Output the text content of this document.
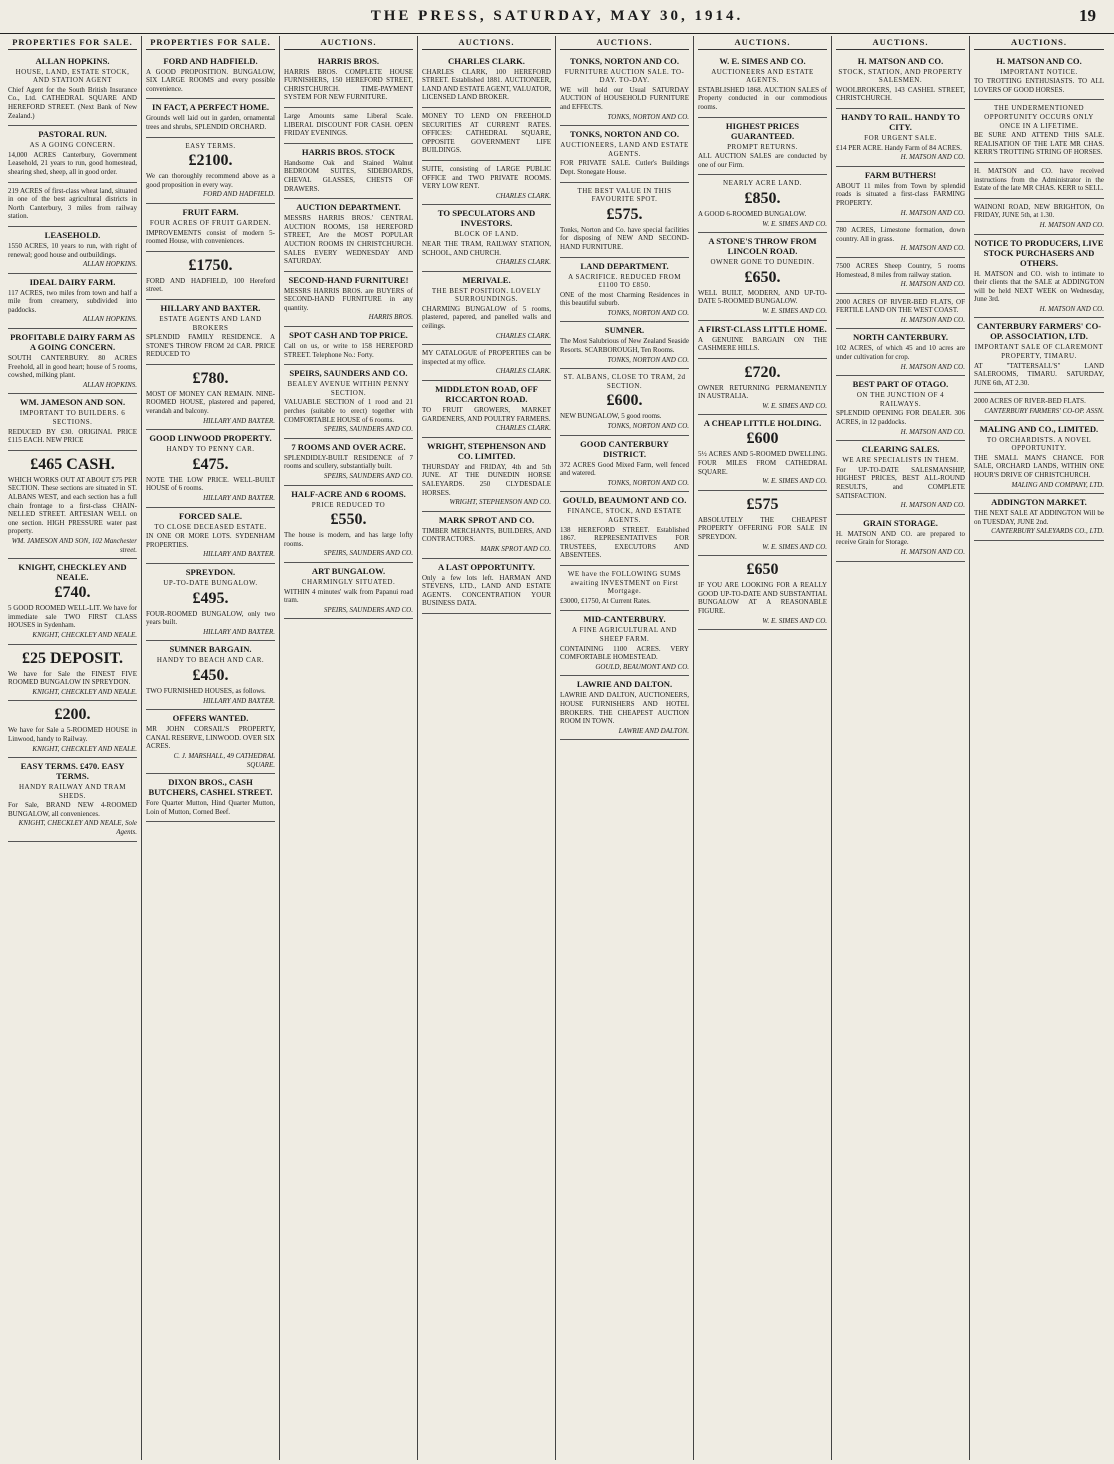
THE PRESS, SATURDAY, MAY 30, 1914.	19
PROPERTIES FOR SALE.
ALLAN HOPKINS.
HOUSE, LAND, ESTATE STOCK, AND STATION AGENT

Chief Agent for the South British Insurance Co., Ltd. CATHEDRAL SQUARE AND HEREFORD STREET. (Next Bank of New Zealand.)

PASTORAL RUN.
AS A GOING CONCERN.

14,000 ACRES Canterbury, Government Leasehold, 21 years to run, good homestead, shearing shed, sheep, all in good order.

219 ACRES of first-class wheat land, situated in one of the best agricultural districts in North Canterbury, 3 miles from railway station.

LEASEHOLD.

1550 ACRES, 10 years to run, with right of renewal; good house and outbuildings.

ALLAN HOPKINS.
IDEAL DAIRY FARM.

117 ACRES, two miles from town and half a mile from creamery, subdivided into paddocks.

ALLAN HOPKINS.
PROFITABLE DAIRY FARM AS A GOING CONCERN.

SOUTH CANTERBURY. 80 ACRES Freehold, all in good heart; house of 5 rooms, cowshed, milking plant.

ALLAN HOPKINS.
WM. JAMESON AND SON.
IMPORTANT TO BUILDERS. 6 SECTIONS.

REDUCED BY £30. ORIGINAL PRICE £115 EACH. NEW PRICE

£465 CASH.

WHICH WORKS OUT AT ABOUT £75 PER SECTION. These sections are situated in ST. ALBANS WEST, and each section has a full chain frontage to a first-class CHAIN-NELLED STREET. ARTESIAN WELL on one section. HIGH PRESSURE water past property.

WM. JAMESON AND SON, 102 Manchester street.
KNIGHT, CHECKLEY AND NEALE.
£740.

5 GOOD ROOMED WELL-LIT. We have for immediate sale TWO FIRST CLASS HOUSES in Sydenham.

KNIGHT, CHECKLEY AND NEALE.
£25 DEPOSIT.

We have for Sale the FINEST FIVE ROOMED BUNGALOW IN SPREYDON.

KNIGHT, CHECKLEY AND NEALE.
£200.

We have for Sale a 5-ROOMED HOUSE in Linwood, handy to Railway.

KNIGHT, CHECKLEY AND NEALE.
EASY TERMS. £470. EASY TERMS.
HANDY RAILWAY AND TRAM SHEDS.

For Sale, BRAND NEW 4-ROOMED BUNGALOW, all conveniences.

KNIGHT, CHECKLEY AND NEALE, Sole Agents.
PROPERTIES FOR SALE.
FORD AND HADFIELD.

A GOOD PROPOSITION. BUNGALOW, SIX LARGE ROOMS and every possible convenience.

IN FACT, A PERFECT HOME.

Grounds well laid out in garden, ornamental trees and shrubs, SPLENDID ORCHARD.

EASY TERMS.
£2100.

We can thoroughly recommend above as a good proposition in every way.

FORD AND HADFIELD.
FRUIT FARM.
FOUR ACRES OF FRUIT GARDEN.

IMPROVEMENTS consist of modern 5-roomed House, with conveniences.

£1750.

FORD AND HADFIELD, 100 Hereford street.

HILLARY AND BAXTER.
ESTATE AGENTS AND LAND BROKERS

SPLENDID FAMILY RESIDENCE. A STONE'S THROW FROM 2d CAR. PRICE REDUCED TO

£780.

MOST OF MONEY CAN REMAIN. NINE-ROOMED HOUSE, plastered and papered, verandah and balcony.

HILLARY AND BAXTER.
GOOD LINWOOD PROPERTY.
HANDY TO PENNY CAR.
£475.

NOTE THE LOW PRICE. WELL-BUILT HOUSE of 6 rooms.

HILLARY AND BAXTER.
FORCED SALE.
TO CLOSE DECEASED ESTATE.

IN ONE OR MORE LOTS. SYDENHAM PROPERTIES.

HILLARY AND BAXTER.
SPREYDON.
UP-TO-DATE BUNGALOW.
£495.

FOUR-ROOMED BUNGALOW, only two years built.

HILLARY AND BAXTER.
SUMNER BARGAIN.
HANDY TO BEACH AND CAR.
£450.

TWO FURNISHED HOUSES, as follows.

HILLARY AND BAXTER.
OFFERS WANTED.

MR JOHN CORSAIL'S PROPERTY, CANAL RESERVE, LINWOOD. OVER SIX ACRES.

C. J. MARSHALL, 49 CATHEDRAL SQUARE.
DIXON BROS., CASH BUTCHERS, CASHEL STREET.

Fore Quarter Mutton, Hind Quarter Mutton, Loin of Mutton, Corned Beef.

AUCTIONS.
HARRIS BROS.

HARRIS BROS. COMPLETE HOUSE FURNISHERS, 150 HEREFORD STREET, CHRISTCHURCH. TIME-PAYMENT SYSTEM FOR NEW FURNITURE.

Large Amounts same Liberal Scale. LIBERAL DISCOUNT FOR CASH. OPEN FRIDAY EVENINGS.

HARRIS BROS. STOCK

Handsome Oak and Stained Walnut BEDROOM SUITES, SIDEBOARDS, CHEVAL GLASSES, CHESTS OF DRAWERS.

AUCTION DEPARTMENT.

MESSRS HARRIS BROS.' CENTRAL AUCTION ROOMS, 158 HEREFORD STREET, Are the MOST POPULAR AUCTION ROOMS IN CHRISTCHURCH. SALES EVERY WEDNESDAY AND SATURDAY.

SECOND-HAND FURNITURE!

MESSRS HARRIS BROS. are BUYERS of SECOND-HAND FURNITURE in any quantity.

HARRIS BROS.
SPOT CASH AND TOP PRICE.

Call on us, or write to 158 HEREFORD STREET. Telephone No.: Forty.

SPEIRS, SAUNDERS AND CO.
BEALEY AVENUE WITHIN PENNY SECTION.

VALUABLE SECTION of 1 rood and 21 perches (suitable to erect) together with COMFORTABLE HOUSE of 6 rooms.

SPEIRS, SAUNDERS AND CO.
7 ROOMS AND OVER ACRE.

SPLENDIDLY-BUILT RESIDENCE of 7 rooms and scullery, substantially built.

SPEIRS, SAUNDERS AND CO.
HALF-ACRE AND 6 ROOMS.
PRICE REDUCED TO
£550.

The house is modern, and has large lofty rooms.

SPEIRS, SAUNDERS AND CO.
ART BUNGALOW.
CHARMINGLY SITUATED.

WITHIN 4 minutes' walk from Papanui road tram.

SPEIRS, SAUNDERS AND CO.
AUCTIONS.
CHARLES CLARK.

CHARLES CLARK, 100 HEREFORD STREET. Established 1881. AUCTIONEER, LAND AND ESTATE AGENT, VALUATOR, LICENSED LAND BROKER.

MONEY TO LEND ON FREEHOLD SECURITIES AT CURRENT RATES. OFFICES: CATHEDRAL SQUARE, OPPOSITE GOVERNMENT LIFE BUILDINGS.

SUITE, consisting of LARGE PUBLIC OFFICE and TWO PRIVATE ROOMS. VERY LOW RENT.

CHARLES CLARK.
TO SPECULATORS AND INVESTORS.
BLOCK OF LAND.

NEAR THE TRAM, RAILWAY STATION, SCHOOL, AND CHURCH.

CHARLES CLARK.
MERIVALE.
THE BEST POSITION. LOVELY SURROUNDINGS.

CHARMING BUNGALOW of 5 rooms, plastered, papered, and panelled walls and ceilings.

CHARLES CLARK.

MY CATALOGUE of PROPERTIES can be inspected at my office.

CHARLES CLARK.
MIDDLETON ROAD, OFF RICCARTON ROAD.

TO FRUIT GROWERS, MARKET GARDENERS, AND POULTRY FARMERS.

CHARLES CLARK.
WRIGHT, STEPHENSON AND CO. LIMITED.

THURSDAY and FRIDAY, 4th and 5th JUNE. AT THE DUNEDIN HORSE SALEYARDS. 250 CLYDESDALE HORSES.

WRIGHT, STEPHENSON AND CO.
MARK SPROT AND CO.

TIMBER MERCHANTS, BUILDERS, AND CONTRACTORS.

MARK SPROT AND CO.
A LAST OPPORTUNITY.

Only a few lots left. HARMAN AND STEVENS, LTD., LAND AND ESTATE AGENTS. CONCENTRATION YOUR BUSINESS DATA.

AUCTIONS.
TONKS, NORTON AND CO.
FURNITURE AUCTION SALE. TO-DAY. TO-DAY.

WE will hold our Usual SATURDAY AUCTION of HOUSEHOLD FURNITURE and EFFECTS.

TONKS, NORTON AND CO.
TONKS, NORTON AND CO.
AUCTIONEERS, LAND AND ESTATE AGENTS.

FOR PRIVATE SALE. Cutler's Buildings Dept. Stonegate House.

THE BEST VALUE IN THIS FAVOURITE SPOT.
£575.

Tonks, Norton and Co. have special facilities for disposing of NEW AND SECOND-HAND FURNITURE.

LAND DEPARTMENT.
A SACRIFICE. REDUCED FROM £1100 TO £850.

ONE of the most Charming Residences in this beautiful suburb.

TONKS, NORTON AND CO.
SUMNER.

The Most Salubrious of New Zealand Seaside Resorts. SCARBOROUGH, Ten Rooms.

TONKS, NORTON AND CO.
ST. ALBANS, CLOSE TO TRAM, 2d SECTION.
£600.

NEW BUNGALOW, 5 good rooms.

TONKS, NORTON AND CO.
GOOD CANTERBURY DISTRICT.

372 ACRES Good Mixed Farm, well fenced and watered.

TONKS, NORTON AND CO.
GOULD, BEAUMONT AND CO.
FINANCE, STOCK, AND ESTATE AGENTS.

138 HEREFORD STREET. Established 1867. REPRESENTATIVES FOR TRUSTEES, EXECUTORS AND ABSENTEES.

WE have the FOLLOWING SUMS awaiting INVESTMENT on First Mortgage.

£3000, £1750, At Current Rates.

MID-CANTERBURY.
A FINE AGRICULTURAL AND SHEEP FARM.

CONTAINING 1100 ACRES. VERY COMFORTABLE HOMESTEAD.

GOULD, BEAUMONT AND CO.
LAWRIE AND DALTON.

LAWRIE AND DALTON, AUCTIONEERS, HOUSE FURNISHERS AND HOTEL BROKERS. THE CHEAPEST AUCTION ROOM IN TOWN.

LAWRIE AND DALTON.
AUCTIONS.
W. E. SIMES AND CO.
AUCTIONEERS AND ESTATE AGENTS.

ESTABLISHED 1868. AUCTION SALES of Property conducted in our commodious rooms.

HIGHEST PRICES GUARANTEED.
PROMPT RETURNS.

ALL AUCTION SALES are conducted by one of our Firm.

NEARLY ACRE LAND.
£850.

A GOOD 6-ROOMED BUNGALOW.

W. E. SIMES AND CO.
A STONE'S THROW FROM LINCOLN ROAD.
OWNER GONE TO DUNEDIN.
£650.

WELL BUILT, MODERN, AND UP-TO-DATE 5-ROOMED BUNGALOW.

W. E. SIMES AND CO.
A FIRST-CLASS LITTLE HOME.

A GENUINE BARGAIN ON THE CASHMERE HILLS.

£720.

OWNER RETURNING PERMANENTLY IN AUSTRALIA.

W. E. SIMES AND CO.
A CHEAP LITTLE HOLDING.
£600

5½ ACRES AND 5-ROOMED DWELLING. FOUR MILES FROM CATHEDRAL SQUARE.

W. E. SIMES AND CO.
£575

ABSOLUTELY THE CHEAPEST PROPERTY OFFERING FOR SALE IN SPREYDON.

W. E. SIMES AND CO.
£650

IF YOU ARE LOOKING FOR A REALLY GOOD UP-TO-DATE AND SUBSTANTIAL BUNGALOW AT A REASONABLE FIGURE.

W. E. SIMES AND CO.
AUCTIONS.
H. MATSON AND CO.
STOCK, STATION, AND PROPERTY SALESMEN.

WOOLBROKERS, 143 CASHEL STREET, CHRISTCHURCH.

HANDY TO RAIL. HANDY TO CITY.
FOR URGENT SALE.

£14 PER ACRE. Handy Farm of 84 ACRES.

H. MATSON AND CO.
FARM BUTHERS!

ABOUT 11 miles from Town by splendid roads is situated a first-class FARMING PROPERTY.

H. MATSON AND CO.

780 ACRES, Limestone formation, down country. All in grass.

H. MATSON AND CO.

7500 ACRES Sheep Country, 5 rooms Homestead, 8 miles from railway station.

H. MATSON AND CO.

2000 ACRES OF RIVER-BED FLATS, OF FERTILE LAND ON THE WEST COAST.

H. MATSON AND CO.
NORTH CANTERBURY.

102 ACRES, of which 45 and 10 acres are under cultivation for crop.

H. MATSON AND CO.
BEST PART OF OTAGO.
ON THE JUNCTION OF 4 RAILWAYS.

SPLENDID OPENING FOR DEALER. 306 ACRES, in 12 paddocks.

H. MATSON AND CO.
CLEARING SALES.
WE ARE SPECIALISTS IN THEM.

For UP-TO-DATE SALESMANSHIP, HIGHEST PRICES, BEST ALL-ROUND RESULTS, and COMPLETE SATISFACTION.

H. MATSON AND CO.
GRAIN STORAGE.

H. MATSON AND CO. are prepared to receive Grain for Storage.

H. MATSON AND CO.
AUCTIONS.
H. MATSON AND CO.
IMPORTANT NOTICE.

TO TROTTING ENTHUSIASTS. TO ALL LOVERS OF GOOD HORSES.

THE UNDERMENTIONED OPPORTUNITY OCCURS ONLY ONCE IN A LIFETIME.

BE SURE AND ATTEND THIS SALE. REALISATION OF THE LATE MR CHAS. KERR'S TROTTING STRING OF HORSES.

H. MATSON and CO. have received instructions from the Administrator in the Estate of the late MR CHAS. KERR to SELL.

WAINONI ROAD, NEW BRIGHTON, On FRIDAY, JUNE 5th, at 1.30.

H. MATSON AND CO.
NOTICE TO PRODUCERS, LIVE STOCK PURCHASERS AND OTHERS.

H. MATSON and CO. wish to intimate to their clients that the SALE at ADDINGTON will be held NEXT WEEK on Wednesday, June 3rd.

H. MATSON AND CO.
CANTERBURY FARMERS' CO-OP. ASSOCIATION, LTD.
IMPORTANT SALE OF CLAREMONT PROPERTY, TIMARU.

AT "TATTERSALL'S" LAND SALEROOMS, TIMARU. SATURDAY, JUNE 6th, AT 2.30.

2000 ACRES OF RIVER-BED FLATS.

CANTERBURY FARMERS' CO-OP. ASSN.
MALING AND CO., LIMITED.
TO ORCHARDISTS. A NOVEL OPPORTUNITY.

THE SMALL MAN'S CHANCE. FOR SALE, ORCHARD LANDS, WITHIN ONE HOUR'S DRIVE OF CHRISTCHURCH.

MALING AND COMPANY, LTD.
ADDINGTON MARKET.

THE NEXT SALE AT ADDINGTON Will be on TUESDAY, JUNE 2nd.

CANTERBURY SALEYARDS CO., LTD.
